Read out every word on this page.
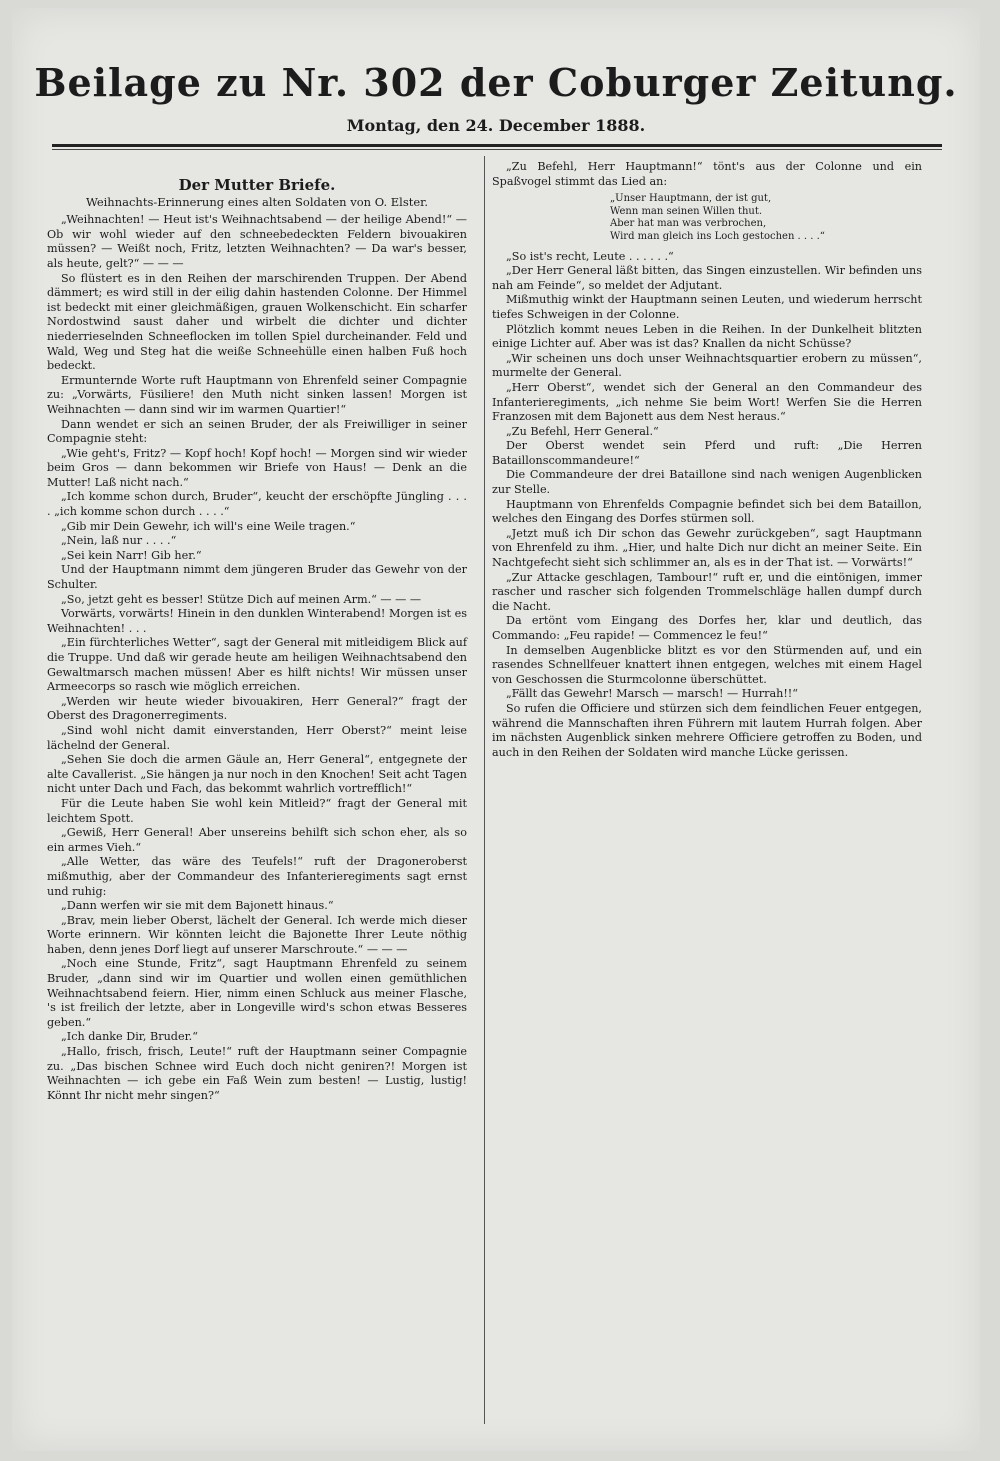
Beilage zu Nr. 302 der Coburger Zeitung.
Montag, den 24. December 1888.
Der Mutter Briefe.
Weihnachts-Erinnerung eines alten Soldaten von O. Elster.

„Weihnachten! — Heut ist's Weihnachtsabend — der heilige Abend!“ — Ob wir wohl wieder auf den schneebedeckten Feldern bivouakiren müssen? — Weißt noch, Fritz, letzten Weihnachten? — Da war's besser, als heute, gelt?“ — — —

So flüstert es in den Reihen der marschirenden Truppen. Der Abend dämmert; es wird still in der eilig dahin hastenden Colonne. Der Himmel ist bedeckt mit einer gleichmäßigen, grauen Wolkenschicht. Ein scharfer Nordostwind saust daher und wirbelt die dichter und dichter niederrieselnden Schneeflocken im tollen Spiel durcheinander. Feld und Wald, Weg und Steg hat die weiße Schneehülle einen halben Fuß hoch bedeckt.

Ermunternde Worte ruft Hauptmann von Ehrenfeld seiner Compagnie zu: „Vorwärts, Füsiliere! den Muth nicht sinken lassen! Morgen ist Weihnachten — dann sind wir im warmen Quartier!“

Dann wendet er sich an seinen Bruder, der als Freiwilliger in seiner Compagnie steht:

„Wie geht's, Fritz? — Kopf hoch! Kopf hoch! — Morgen sind wir wieder beim Gros — dann bekommen wir Briefe von Haus! — Denk an die Mutter! Laß nicht nach.“

„Ich komme schon durch, Bruder“, keucht der erschöpfte Jüngling . . . . „ich komme schon durch . . . .“

„Gib mir Dein Gewehr, ich will's eine Weile tragen.“

„Nein, laß nur . . . .“

„Sei kein Narr! Gib her.“

Und der Hauptmann nimmt dem jüngeren Bruder das Gewehr von der Schulter.

„So, jetzt geht es besser! Stütze Dich auf meinen Arm.“ — — —

Vorwärts, vorwärts! Hinein in den dunklen Winterabend! Morgen ist es Weihnachten! . . .

„Ein fürchterliches Wetter“, sagt der General mit mitleidigem Blick auf die Truppe. Und daß wir gerade heute am heiligen Weihnachtsabend den Gewaltmarsch machen müssen! Aber es hilft nichts! Wir müssen unser Armeecorps so rasch wie möglich erreichen.

„Werden wir heute wieder bivouakiren, Herr General?“ fragt der Oberst des Dragonerregiments.

„Sind wohl nicht damit einverstanden, Herr Oberst?“ meint leise lächelnd der General.

„Sehen Sie doch die armen Gäule an, Herr General“, entgegnete der alte Cavallerist. „Sie hängen ja nur noch in den Knochen! Seit acht Tagen nicht unter Dach und Fach, das bekommt wahrlich vortrefflich!“

Für die Leute haben Sie wohl kein Mitleid?“ fragt der General mit leichtem Spott.

„Gewiß, Herr General! Aber unsereins behilft sich schon eher, als so ein armes Vieh.“

„Alle Wetter, das wäre des Teufels!“ ruft der Dragoneroberst mißmuthig, aber der Commandeur des Infanterieregiments sagt ernst und ruhig:

„Dann werfen wir sie mit dem Bajonett hinaus.“

„Brav, mein lieber Oberst, lächelt der General. Ich werde mich dieser Worte erinnern. Wir könnten leicht die Bajonette Ihrer Leute nöthig haben, denn jenes Dorf liegt auf unserer Marschroute.“ — — —

„Noch eine Stunde, Fritz“, sagt Hauptmann Ehrenfeld zu seinem Bruder, „dann sind wir im Quartier und wollen einen gemüthlichen Weihnachtsabend feiern. Hier, nimm einen Schluck aus meiner Flasche, 's ist freilich der letzte, aber in Longeville wird's schon etwas Besseres geben.“

„Ich danke Dir, Bruder.“

„Hallo, frisch, frisch, Leute!“ ruft der Hauptmann seiner Compagnie zu. „Das bischen Schnee wird Euch doch nicht geniren?! Morgen ist Weihnachten — ich gebe ein Faß Wein zum besten! — Lustig, lustig! Könnt Ihr nicht mehr singen?“

„Zu Befehl, Herr Hauptmann!“ tönt's aus der Colonne und ein Spaßvogel stimmt das Lied an:

„Unser Hauptmann, der ist gut,
Wenn man seinen Willen thut.
Aber hat man was verbrochen,
Wird man gleich ins Loch gestochen . . . .“

„So ist's recht, Leute . . . . . .“

„Der Herr General läßt bitten, das Singen einzustellen. Wir befinden uns nah am Feinde“, so meldet der Adjutant.

Mißmuthig winkt der Hauptmann seinen Leuten, und wiederum herrscht tiefes Schweigen in der Colonne.

Plötzlich kommt neues Leben in die Reihen. In der Dunkelheit blitzten einige Lichter auf. Aber was ist das? Knallen da nicht Schüsse?

„Wir scheinen uns doch unser Weihnachtsquartier erobern zu müssen“, murmelte der General.

„Herr Oberst“, wendet sich der General an den Commandeur des Infanterieregiments, „ich nehme Sie beim Wort! Werfen Sie die Herren Franzosen mit dem Bajonett aus dem Nest heraus.“

„Zu Befehl, Herr General.“

Der Oberst wendet sein Pferd und ruft: „Die Herren Bataillonscommandeure!“

Die Commandeure der drei Bataillone sind nach wenigen Augenblicken zur Stelle.

Hauptmann von Ehrenfelds Compagnie befindet sich bei dem Bataillon, welches den Eingang des Dorfes stürmen soll.

„Jetzt muß ich Dir schon das Gewehr zurückgeben“, sagt Hauptmann von Ehrenfeld zu ihm. „Hier, und halte Dich nur dicht an meiner Seite. Ein Nachtgefecht sieht sich schlimmer an, als es in der That ist. — Vorwärts!“

„Zur Attacke geschlagen, Tambour!“ ruft er, und die eintönigen, immer rascher und rascher sich folgenden Trommelschläge hallen dumpf durch die Nacht.

Da ertönt vom Eingang des Dorfes her, klar und deutlich, das Commando: „Feu rapide! — Commencez le feu!“

In demselben Augenblicke blitzt es vor den Stürmenden auf, und ein rasendes Schnellfeuer knattert ihnen entgegen, welches mit einem Hagel von Geschossen die Sturmcolonne überschüttet.

„Fällt das Gewehr! Marsch — marsch! — Hurrah!!“

So rufen die Officiere und stürzen sich dem feindlichen Feuer entgegen, während die Mannschaften ihren Führern mit lautem Hurrah folgen. Aber im nächsten Augenblick sinken mehrere Officiere getroffen zu Boden, und auch in den Reihen der Soldaten wird manche Lücke gerissen.
